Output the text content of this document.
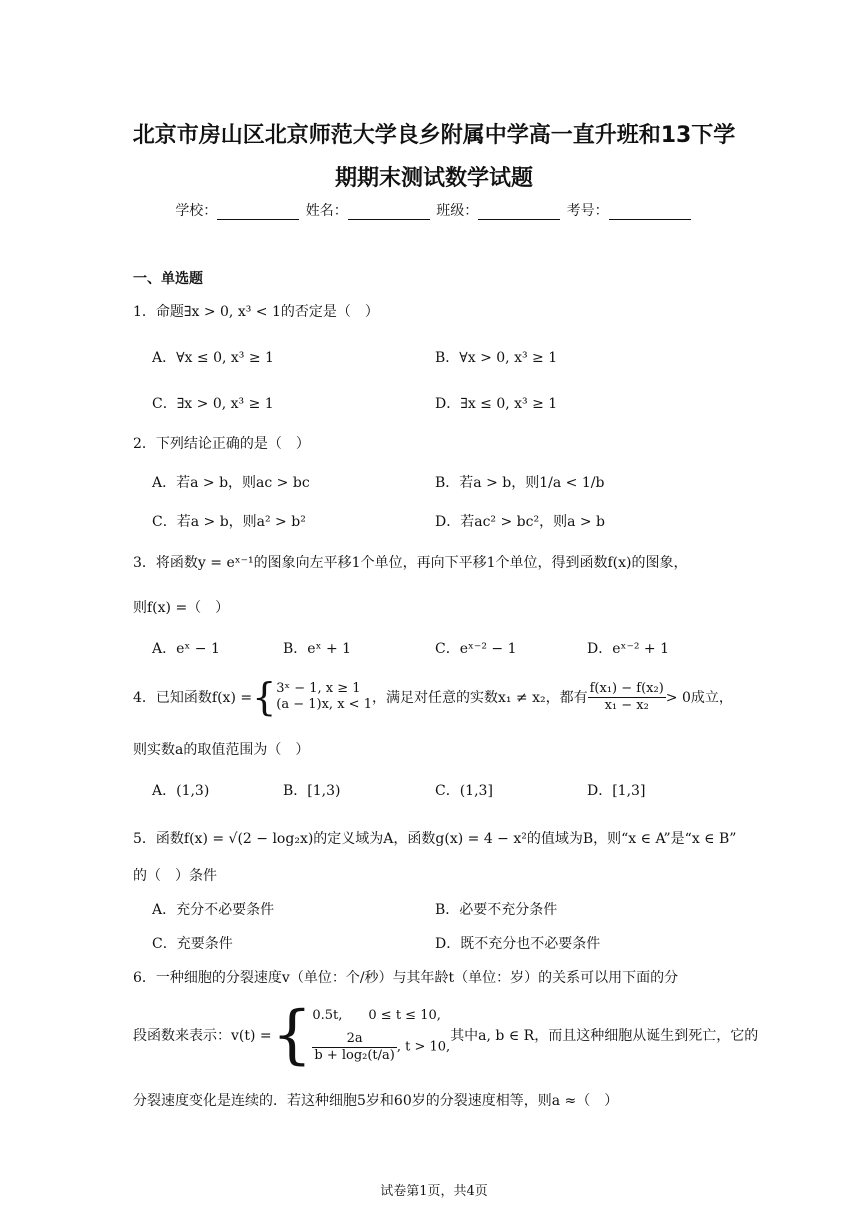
北京市房山区北京师范大学良乡附属中学高一直升班和13下学
期期末测试数学试题
学校：	姓名：	班级：	考号：
一、单选题
1．命题∃x > 0, x³ < 1的否定是（　）
A．∀x ≤ 0, x³ ≥ 1	B．∀x > 0, x³ ≥ 1
C．∃x > 0, x³ ≥ 1	D．∃x ≤ 0, x³ ≥ 1
2．下列结论正确的是（　）
A．若a > b，则ac > bc	B．若a > b，则1/a < 1/b
C．若a > b，则a² > b²	D．若ac² > bc²，则a > b
3．将函数y = eˣ⁻¹的图象向左平移1个单位，再向下平移1个单位，得到函数f(x)的图象，
则f(x) =（　）
A．eˣ − 1	B．eˣ + 1	C．eˣ⁻² − 1	D．eˣ⁻² + 1
4．已知函数f(x) ={ 3ˣ − 1, x ≥ 1
(a − 1)x, x < 1 ，满足对任意的实数x₁ ≠ x₂，都有 $\frac{\text{f(x₁) − f(x₂)}}{\text{x₁ − x₂}} > 0$成立，
则实数a的取值范围为（　）
A．(1,3)	B．[1,3)	C．(1,3]	D．[1,3]
5．函数f(x) = √(2 − log₂x)的定义域为A，函数g(x) = 4 − x²的值域为B，则“x ∈ A”是“x ∈ B”
的（　）条件
A．充分不必要条件	B．必要不充分条件
C．充要条件	D．既不充分也不必要条件
6．一种细胞的分裂速度v（单位：个/秒）与其年龄t（单位：岁）的关系可以用下面的分
段函数来表示：v(t) ={ 0.5t,　　0 ≤ t ≤ 10,
$\frac{2a}{\text{b + log₂(t/a)}}$ , t > 10,
其中a, b ∈ R，而且这种细胞从诞生到死亡，它的
分裂速度变化是连续的．若这种细胞5岁和60岁的分裂速度相等，则a ≈（　）
试卷第1页，共4页
